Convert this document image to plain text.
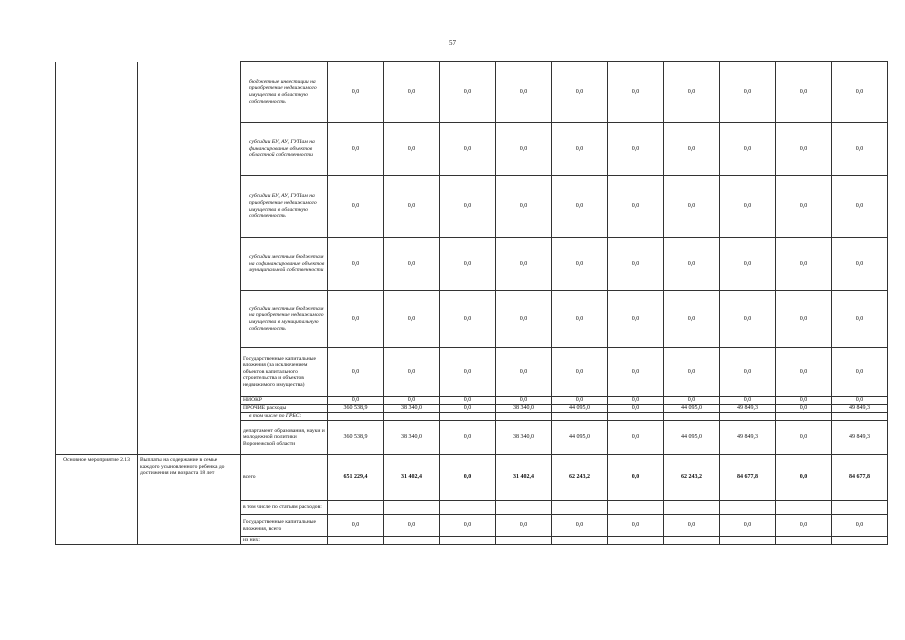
57
		бюджетные инвестиции на приобретение недвижимого имущества в областную собственность	0,0	0,0	0,0	0,0	0,0	0,0	0,0	0,0	0,0	0,0
		субсидии БУ, АУ, ГУПам на финансирование объектов областной собственности	0,0	0,0	0,0	0,0	0,0	0,0	0,0	0,0	0,0	0,0
		субсидии БУ, АУ, ГУПам на приобретение недвижимого имущества в областную собственность	0,0	0,0	0,0	0,0	0,0	0,0	0,0	0,0	0,0	0,0
		субсидии местным бюджетам на софинансирование объектов муниципальной собственности	0,0	0,0	0,0	0,0	0,0	0,0	0,0	0,0	0,0	0,0
		субсидии местным бюджетам на приобретение недвижимого имущества в муниципальную собственность	0,0	0,0	0,0	0,0	0,0	0,0	0,0	0,0	0,0	0,0
		Государственные капитальные вложения (за исключением объектов капитального строительства и объектов недвижимого имущества)	0,0	0,0	0,0	0,0	0,0	0,0	0,0	0,0	0,0	0,0
		НИОКР	0,0	0,0	0,0	0,0	0,0	0,0	0,0	0,0	0,0	0,0
		ПРОЧИЕ расходы	360 538,9	38 340,0	0,0	38 340,0	44 095,0	0,0	44 095,0	49 849,3	0,0	49 849,3
		в том числе по ГРБС:										
		департамент образования, науки и молодежной политики Воронежской области	360 538,9	38 340,0	0,0	38 340,0	44 095,0	0,0	44 095,0	49 849,3	0,0	49 849,3
Основное мероприятие 2.13	Выплаты на содержание в семье каждого усыновленного ребенка до достижения им возраста 18 лет	всего	651 229,4	31 402,4	0,0	31 402,4	62 243,2	0,0	62 243,2	84 677,8	0,0	84 677,8
		в том числе по статьям расходов:										
		Государственные капитальные вложения, всего	0,0	0,0	0,0	0,0	0,0	0,0	0,0	0,0	0,0	0,0
		из них:										
